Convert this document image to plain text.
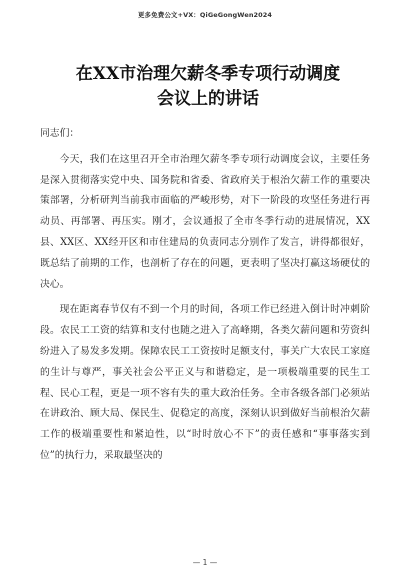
更多免费公文+VX：QiGeGongWen2024
在XX市治理欠薪冬季专项行动调度会议上的讲话

同志们：

今天，我们在这里召开全市治理欠薪冬季专项行动调度会议，主要任务是深入贯彻落实党中央、国务院和省委、省政府关于根治欠薪工作的重要决策部署，分析研判当前我市面临的严峻形势，对下一阶段的攻坚任务进行再动员、再部署、再压实。刚才，会议通报了全市冬季行动的进展情况，XX县、XX区、XX经开区和市住建局的负责同志分别作了发言，讲得都很好，既总结了前期的工作，也剖析了存在的问题，更表明了坚决打赢这场硬仗的决心。

现在距离春节仅有不到一个月的时间，各项工作已经进入倒计时冲刺阶段。农民工工资的结算和支付也随之进入了高峰期，各类欠薪问题和劳资纠纷进入了易发多发期。保障农民工工资按时足额支付，事关广大农民工家庭的生计与尊严，事关社会公平正义与和谐稳定，是一项极端重要的民生工程、民心工程，更是一项不容有失的重大政治任务。全市各级各部门必须站在讲政治、顾大局、保民生、促稳定的高度，深刻认识到做好当前根治欠薪工作的极端重要性和紧迫性，以“时时放心不下”的责任感和“事事落实到位”的执行力，采取最坚决的

— 1 —
